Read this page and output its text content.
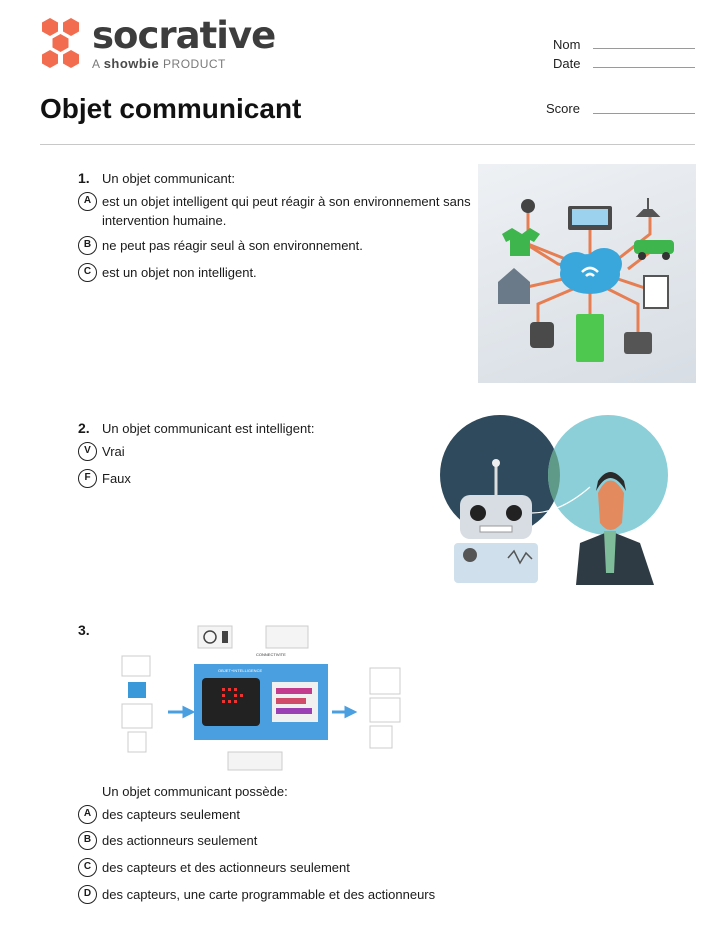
socrative
A showbie PRODUCT
Nom
Date
Objet communicant	Score
1. Un objet communicant:
A est un objet intelligent qui peut réagir à son environnement sans intervention humaine.
B ne peut pas réagir seul à son environnement.
C est un objet non intelligent.
2. Un objet communicant est intelligent:
V Vrai
F Faux
3.
CONNECTIVITE
OBJET+INTELLIGENCE
Un objet communicant possède:
A des capteurs seulement
B des actionneurs seulement
C des capteurs et des actionneurs seulement
D des capteurs, une carte programmable et des actionneurs
